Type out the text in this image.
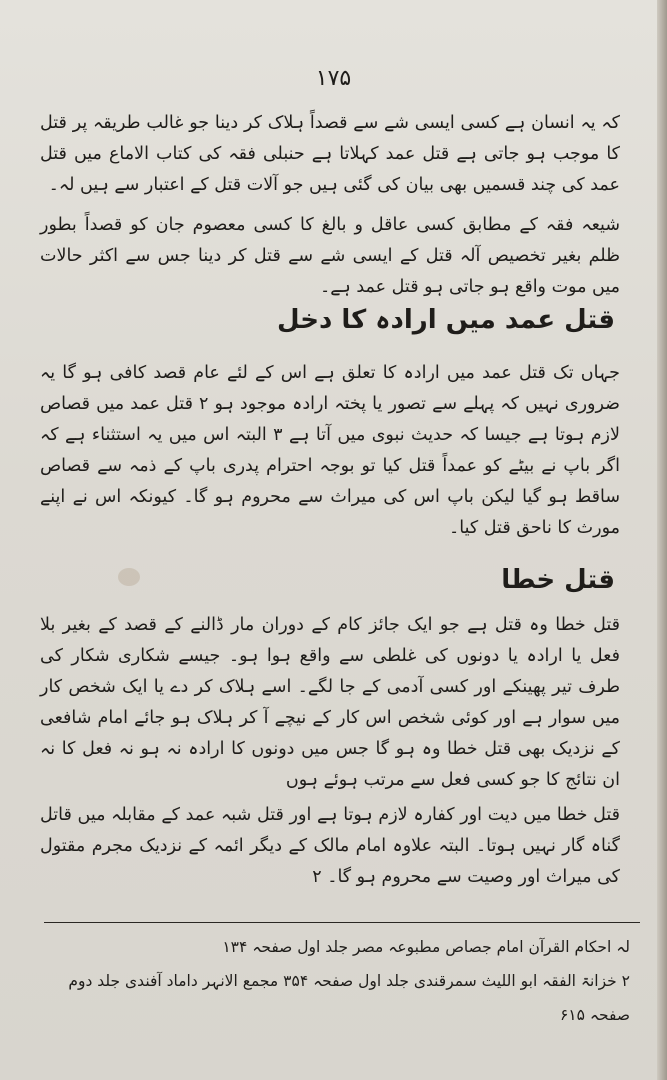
۱۷۵
کہ یہ انسان ہے کسی ایسی شے سے قصداً ہلاک کر دینا جو غالب طریقہ پر قتل کا موجب ہو جاتی ہے قتل عمد کہلاتا ہے حنبلی فقہ کی کتاب الاماع میں قتل عمد کی چند قسمیں بھی بیان کی گئی ہیں جو آلات قتل کے اعتبار سے ہیں لہ۔
شیعہ فقہ کے مطابق کسی عاقل و بالغ کا کسی معصوم جان کو قصداً بطور ظلم بغیر تخصیص آلہ قتل کے ایسی شے سے قتل کر دینا جس سے اکثر حالات میں موت واقع ہو جاتی ہو قتل عمد ہے۔
قتل عمد میں ارادہ کا دخل
جہاں تک قتل عمد میں ارادہ کا تعلق ہے اس کے لئے عام قصد کافی ہو گا یہ ضروری نہیں کہ پہلے سے تصور یا پختہ ارادہ موجود ہو ۲ قتل عمد میں قصاص لازم ہوتا ہے جیسا کہ حدیث نبوی میں آتا ہے ۳ البتہ اس میں یہ استثناء ہے کہ اگر باپ نے بیٹے کو عمداً قتل کیا تو بوجہ احترام پدری باپ کے ذمہ سے قصاص ساقط ہو گیا لیکن باپ اس کی میراث سے محروم ہو گا۔ کیونکہ اس نے اپنے مورث کا ناحق قتل کیا۔
قتل خطا
قتل خطا وہ قتل ہے جو ایک جائز کام کے دوران مار ڈالنے کے قصد کے بغیر بلا فعل یا ارادہ یا دونوں کی غلطی سے واقع ہوا ہو۔ جیسے شکاری شکار کی طرف تیر پھینکے اور کسی آدمی کے جا لگے۔ اسے ہلاک کر دے یا ایک شخص کار میں سوار ہے اور کوئی شخص اس کار کے نیچے آ کر ہلاک ہو جائے امام شافعی کے نزدیک بھی قتل خطا وہ ہو گا جس میں دونوں کا ارادہ نہ ہو نہ فعل کا نہ ان نتائج کا جو کسی فعل سے مرتب ہوئے ہوں
قتل خطا میں دیت اور کفارہ لازم ہوتا ہے اور قتل شبہ عمد کے مقابلہ میں قاتل گناہ گار نہیں ہوتا۔ البتہ علاوہ امام مالک کے دیگر ائمہ کے نزدیک مجرم مقتول کی میراث اور وصیت سے محروم ہو گا۔ ۲
لہ احکام القرآن امام جصاص مطبوعہ مصر جلد اول صفحہ ۱۳۴
۲ خزانۃ الفقہ ابو اللیث سمرقندی جلد اول صفحہ ۳۵۴ مجمع الانہر داماد آفندی جلد دوم
صفحہ ۶۱۵
